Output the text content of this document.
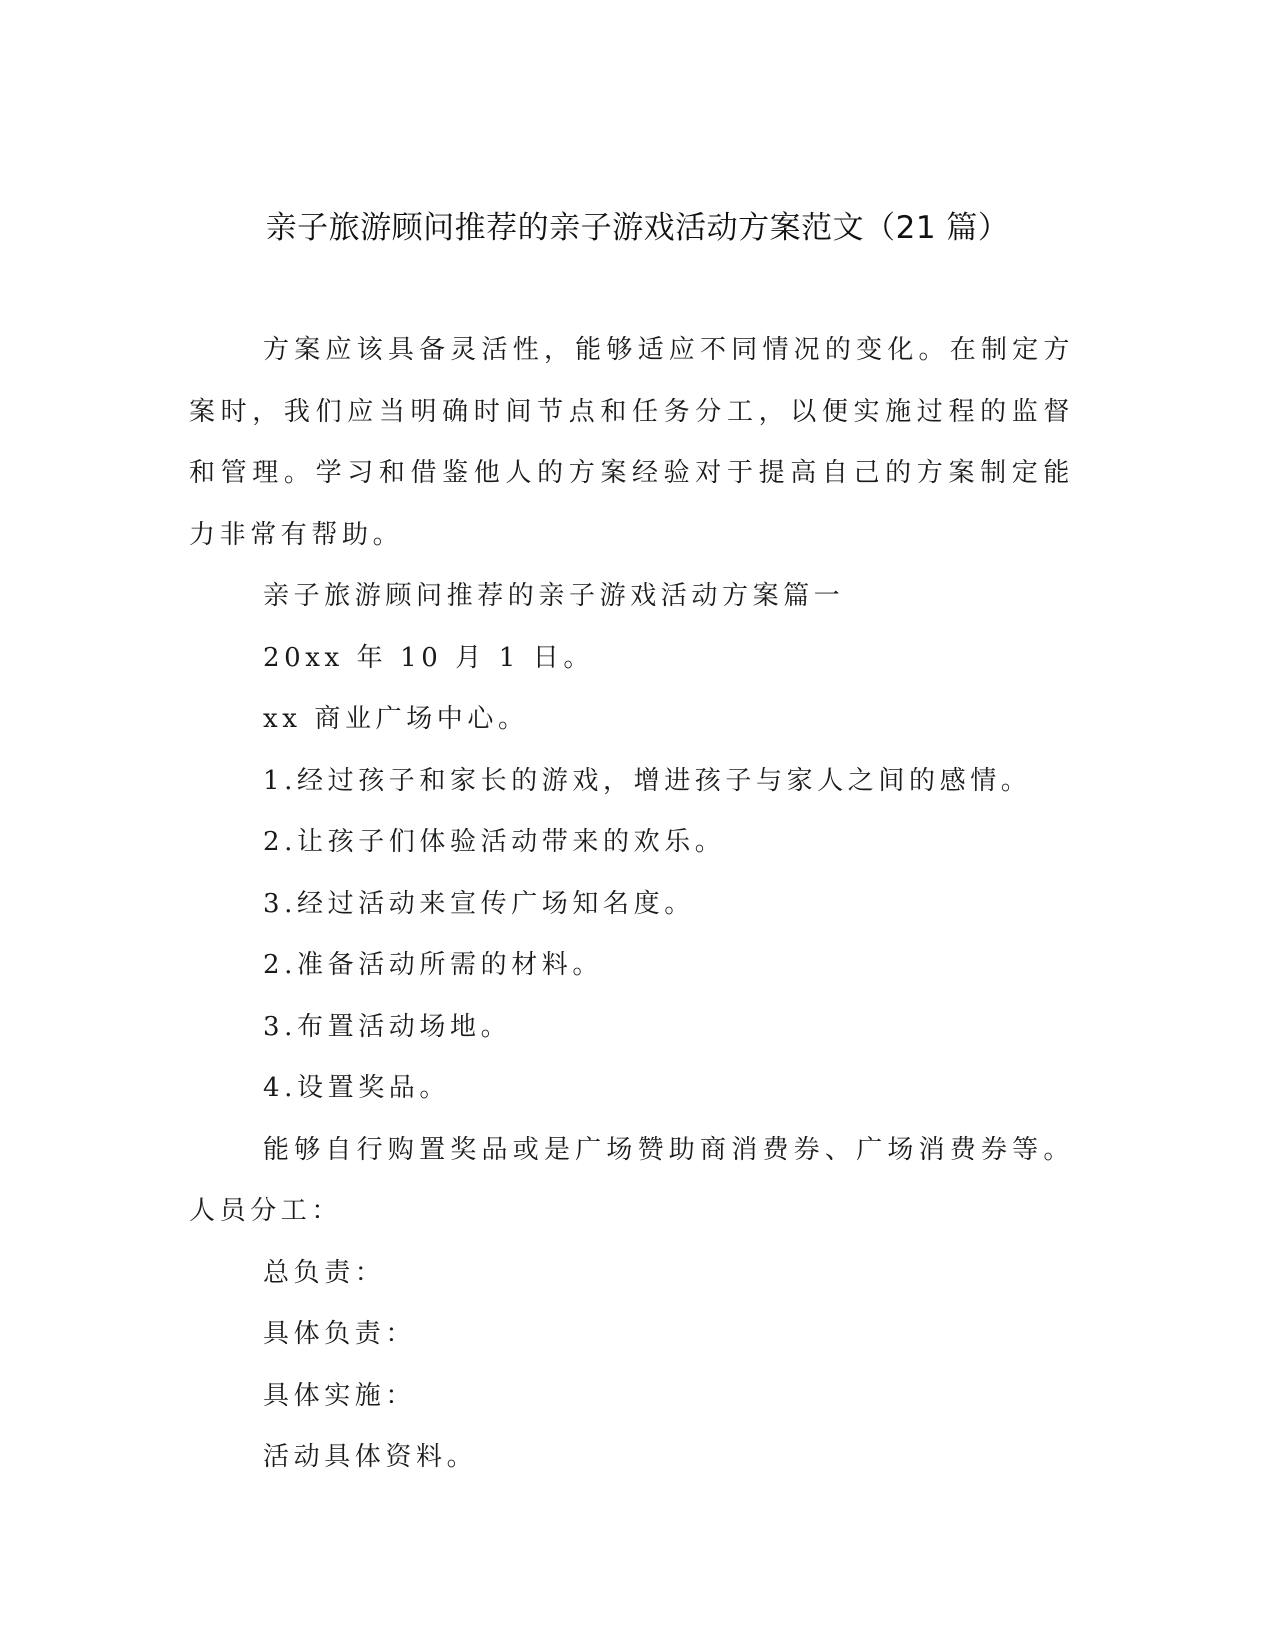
亲子旅游顾问推荐的亲子游戏活动方案范文（21 篇）

方案应该具备灵活性，能够适应不同情况的变化。在制定方案时，我们应当明确时间节点和任务分工，以便实施过程的监督和管理。学习和借鉴他人的方案经验对于提高自己的方案制定能力非常有帮助。

亲子旅游顾问推荐的亲子游戏活动方案篇一

20xx 年 10 月 1 日。

xx 商业广场中心。

1.经过孩子和家长的游戏，增进孩子与家人之间的感情。

2.让孩子们体验活动带来的欢乐。

3.经过活动来宣传广场知名度。

2.准备活动所需的材料。

3.布置活动场地。

4.设置奖品。

能够自行购置奖品或是广场赞助商消费券、广场消费券等。人员分工：

总负责：

具体负责：

具体实施：

活动具体资料。
